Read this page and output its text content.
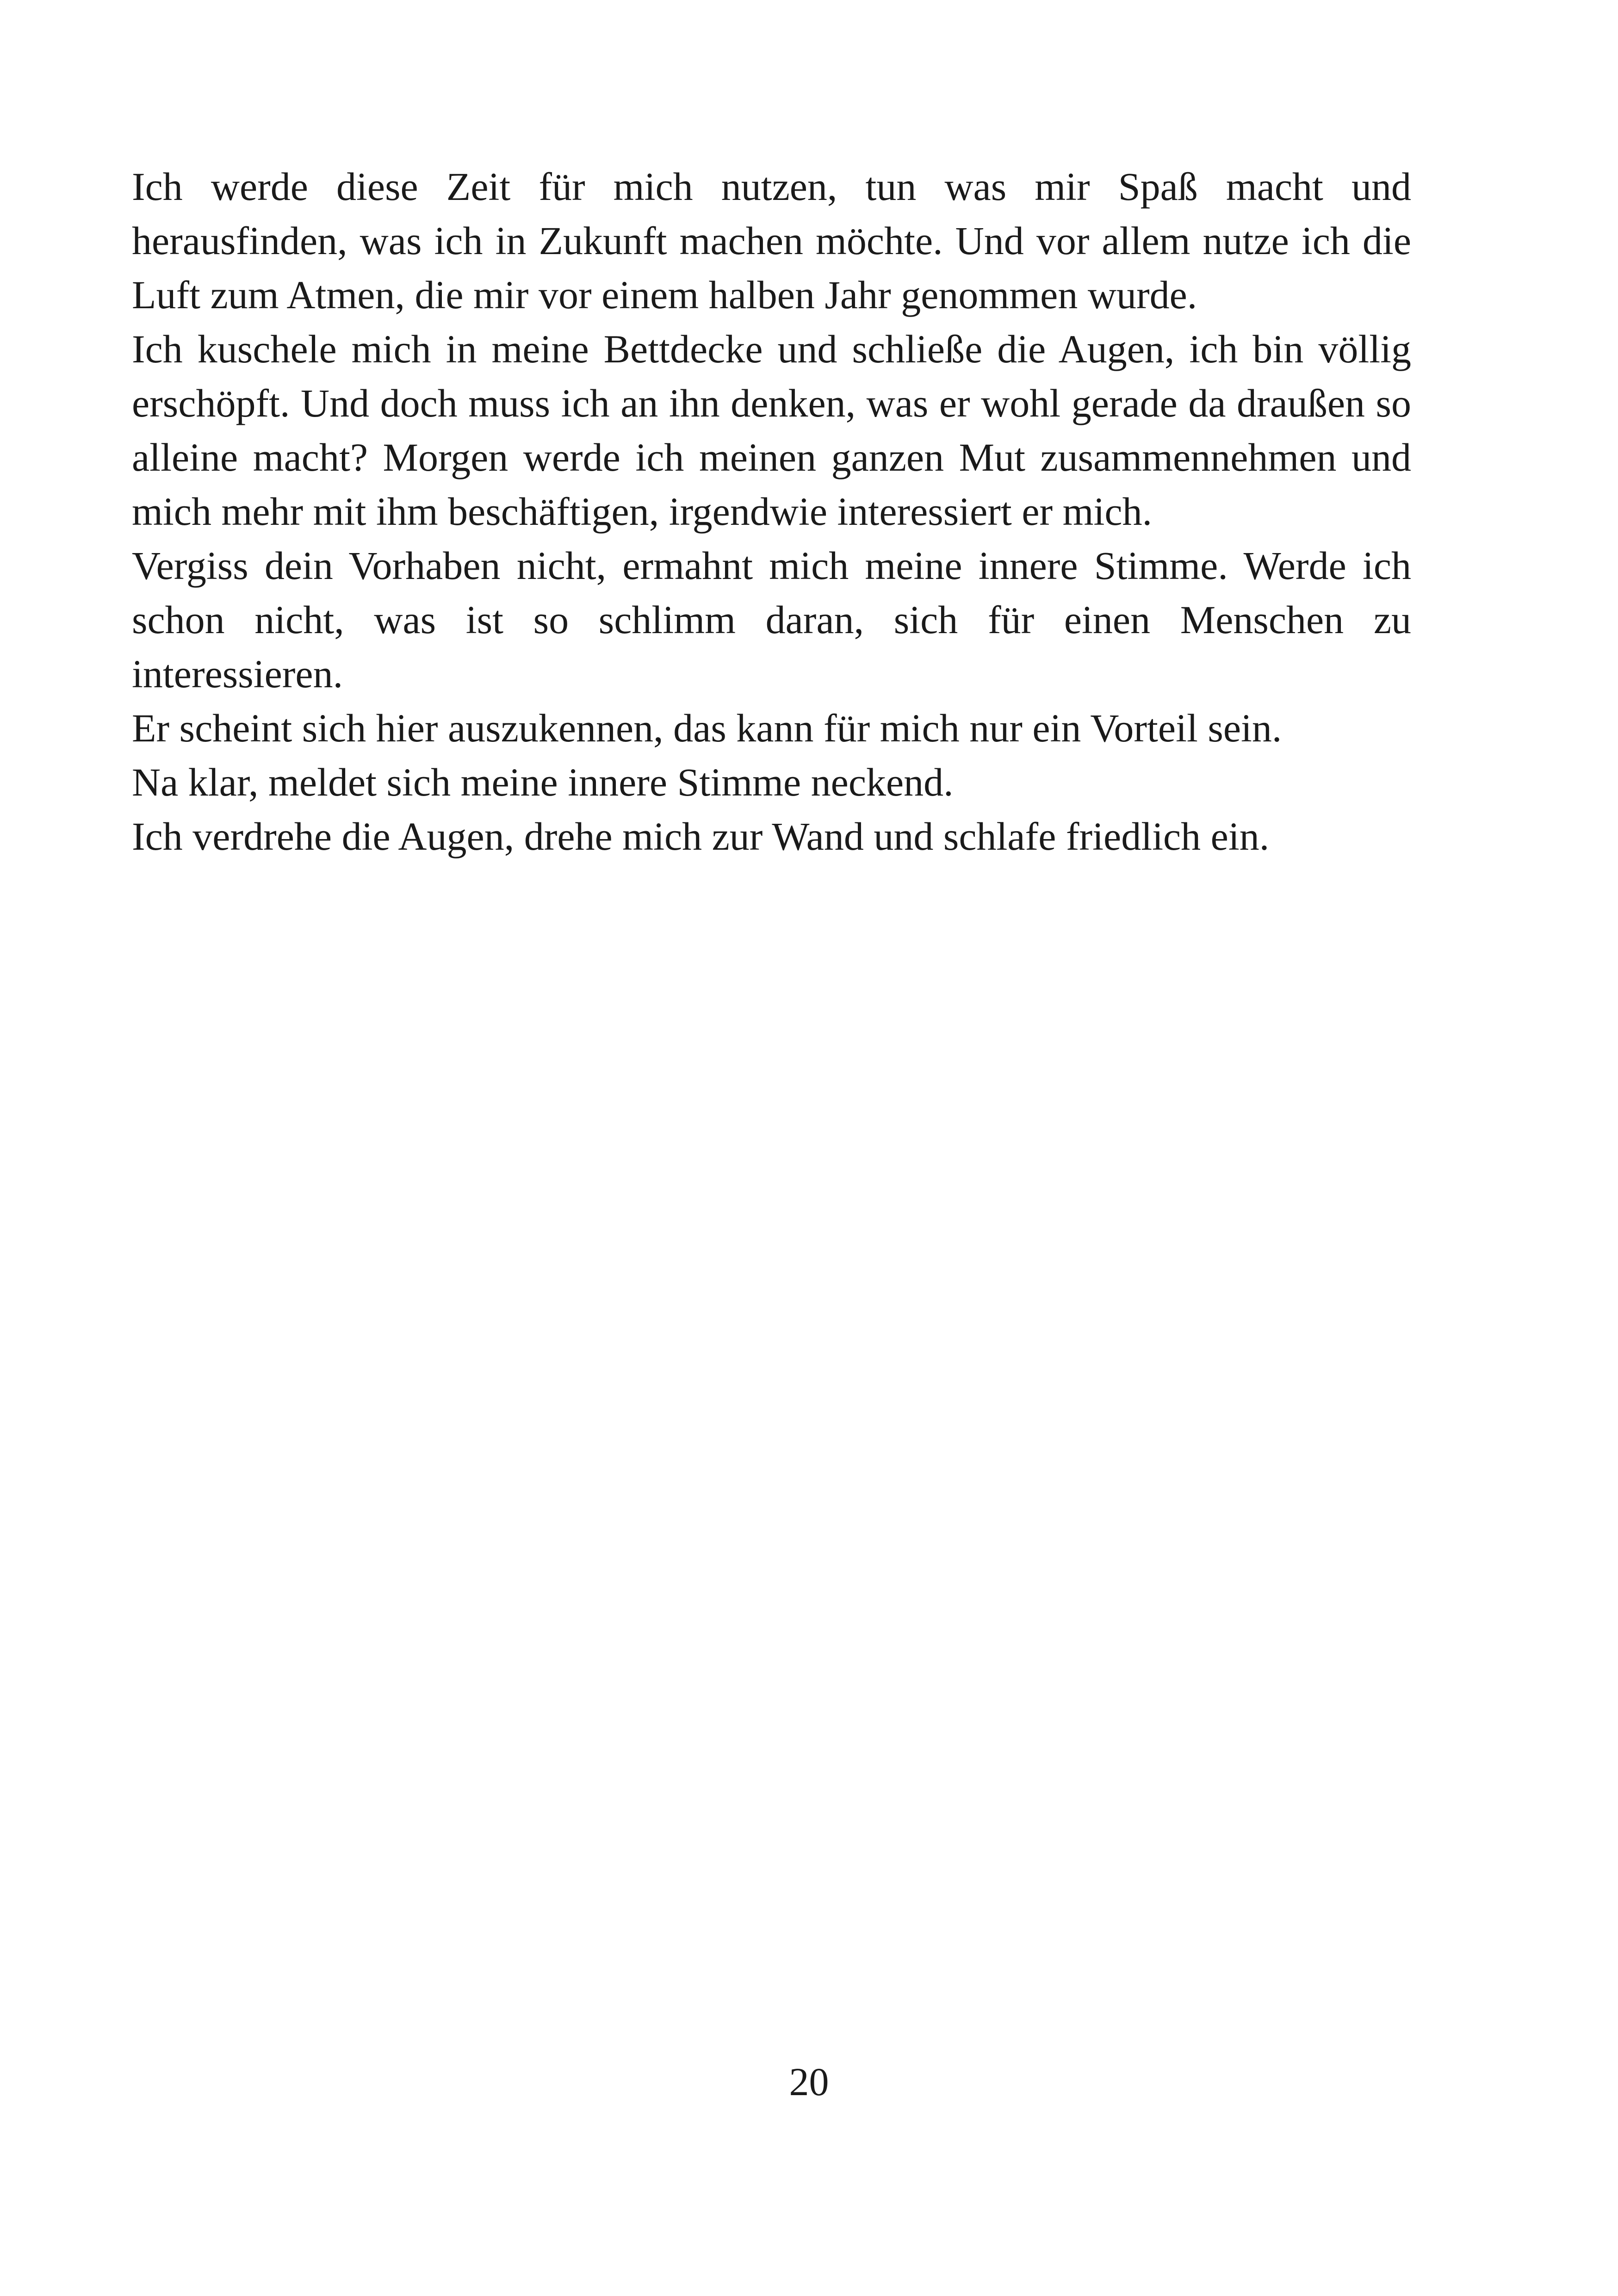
Ich werde diese Zeit für mich nutzen, tun was mir Spaß macht und herausfinden, was ich in Zukunft machen möchte. Und vor allem nutze ich die Luft zum Atmen, die mir vor einem halben Jahr genommen wurde.

Ich kuschele mich in meine Bettdecke und schließe die Augen, ich bin völlig erschöpft. Und doch muss ich an ihn denken, was er wohl gerade da draußen so alleine macht? Morgen werde ich meinen ganzen Mut zusammennehmen und mich mehr mit ihm beschäftigen, irgendwie interessiert er mich.

Vergiss dein Vorhaben nicht, ermahnt mich meine innere Stimme. Werde ich schon nicht, was ist so schlimm daran, sich für einen Menschen zu interessieren.

Er scheint sich hier auszukennen, das kann für mich nur ein Vorteil sein.

Na klar, meldet sich meine innere Stimme neckend.

Ich verdrehe die Augen, drehe mich zur Wand und schlafe friedlich ein.

20
